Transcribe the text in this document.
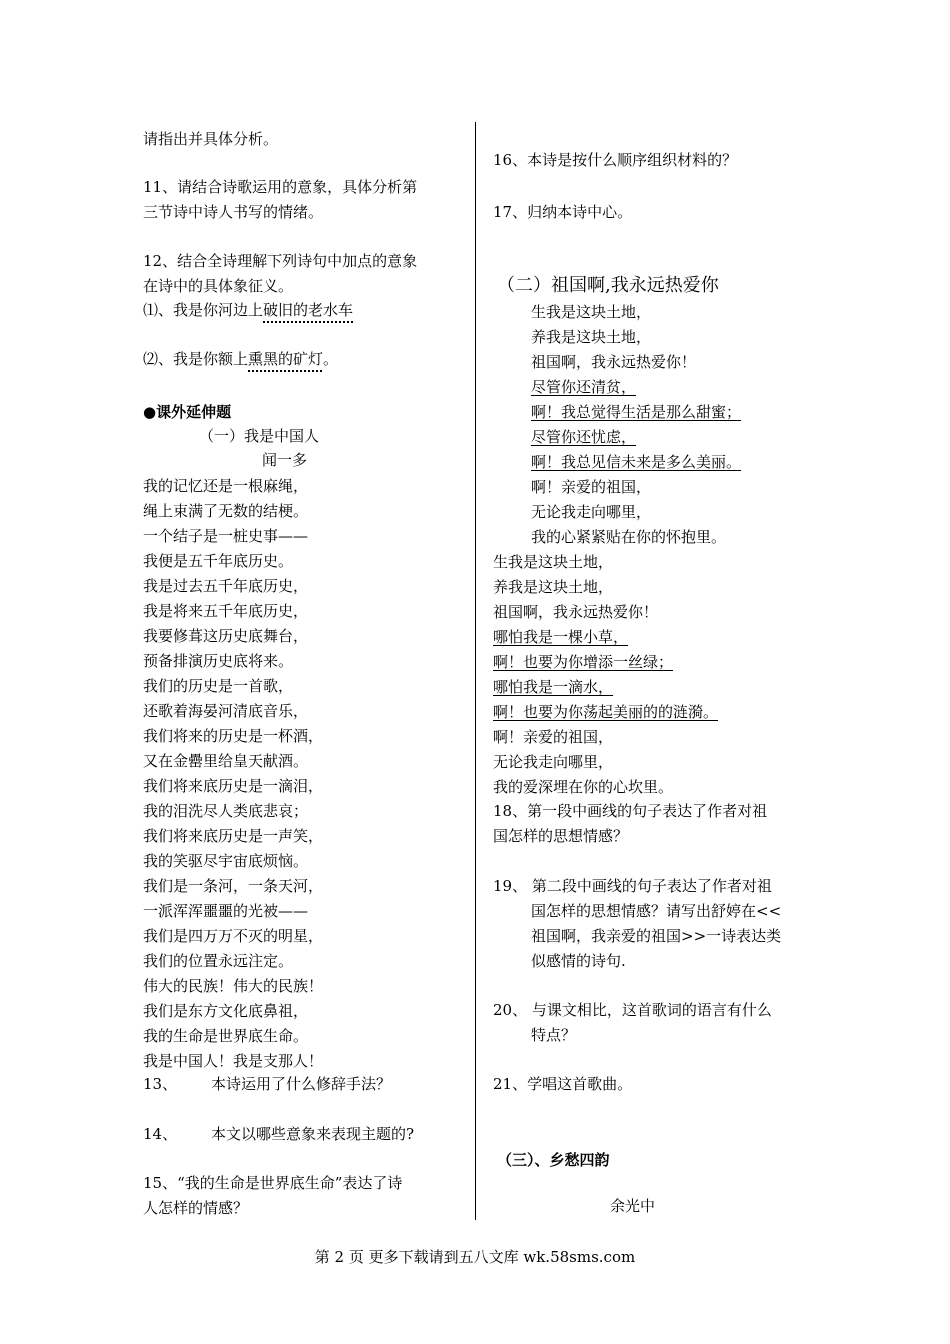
请指出并具体分析。
11、请结合诗歌运用的意象，具体分析第
三节诗中诗人书写的情绪。
12、结合全诗理解下列诗句中加点的意象
在诗中的具体象征义。
⑴、我是你河边上破旧的老水车
⑵、我是你额上熏黑的矿灯。
●课外延伸题
（一）我是中国人
闻一多
我的记忆还是一根麻绳，
绳上束满了无数的结梗。
一个结子是一桩史事——
我便是五千年底历史。
我是过去五千年底历史，
我是将来五千年底历史，
我要修葺这历史底舞台，
预备排演历史底将来。
我们的历史是一首歌，
还歌着海晏河清底音乐，
我们将来的历史是一杯酒，
又在金罍里给皇天献酒。
我们将来底历史是一滴泪，
我的泪洗尽人类底悲哀；
我们将来底历史是一声笑，
我的笑驱尽宇宙底烦恼。
我们是一条河，一条天河，
一派浑浑噩噩的光被——
我们是四万万不灭的明星，
我们的位置永远注定。
伟大的民族！伟大的民族！
我们是东方文化底鼻祖，
我的生命是世界底生命。
我是中国人！我是支那人！
13、 本诗运用了什么修辞手法？
14、 本文以哪些意象来表现主题的?
15、“我的生命是世界底生命”表达了诗
人怎样的情感？
16、本诗是按什么顺序组织材料的？
17、归纳本诗中心。
（二）祖国啊,我永远热爱你
生我是这块土地，
养我是这块土地，
祖国啊，我永远热爱你！
尽管你还清贫，
啊！我总觉得生活是那么甜蜜；
尽管你还忧虑，
啊！我总见信未来是多么美丽。
啊！亲爱的祖国，
无论我走向哪里，
我的心紧紧贴在你的怀抱里。
生我是这块土地，
养我是这块土地，
祖国啊，我永远热爱你！
哪怕我是一棵小草，
啊！也要为你增添一丝绿；
哪怕我是一滴水，
啊！也要为你荡起美丽的的涟漪。
啊！亲爱的祖国，
无论我走向哪里，
我的爱深埋在你的心坎里。
18、第一段中画线的句子表达了作者对祖
国怎样的思想情感？
19、 第二段中画线的句子表达了作者对祖
国怎样的思想情感？请写出舒婷在<<
祖国啊，我亲爱的祖国>>一诗表达类
似感情的诗句.
20、 与课文相比，这首歌词的语言有什么
特点？
21、学唱这首歌曲。
（三）、乡愁四韵
余光中
第 2 页 更多下载请到五八文库 wk.58sms.com
